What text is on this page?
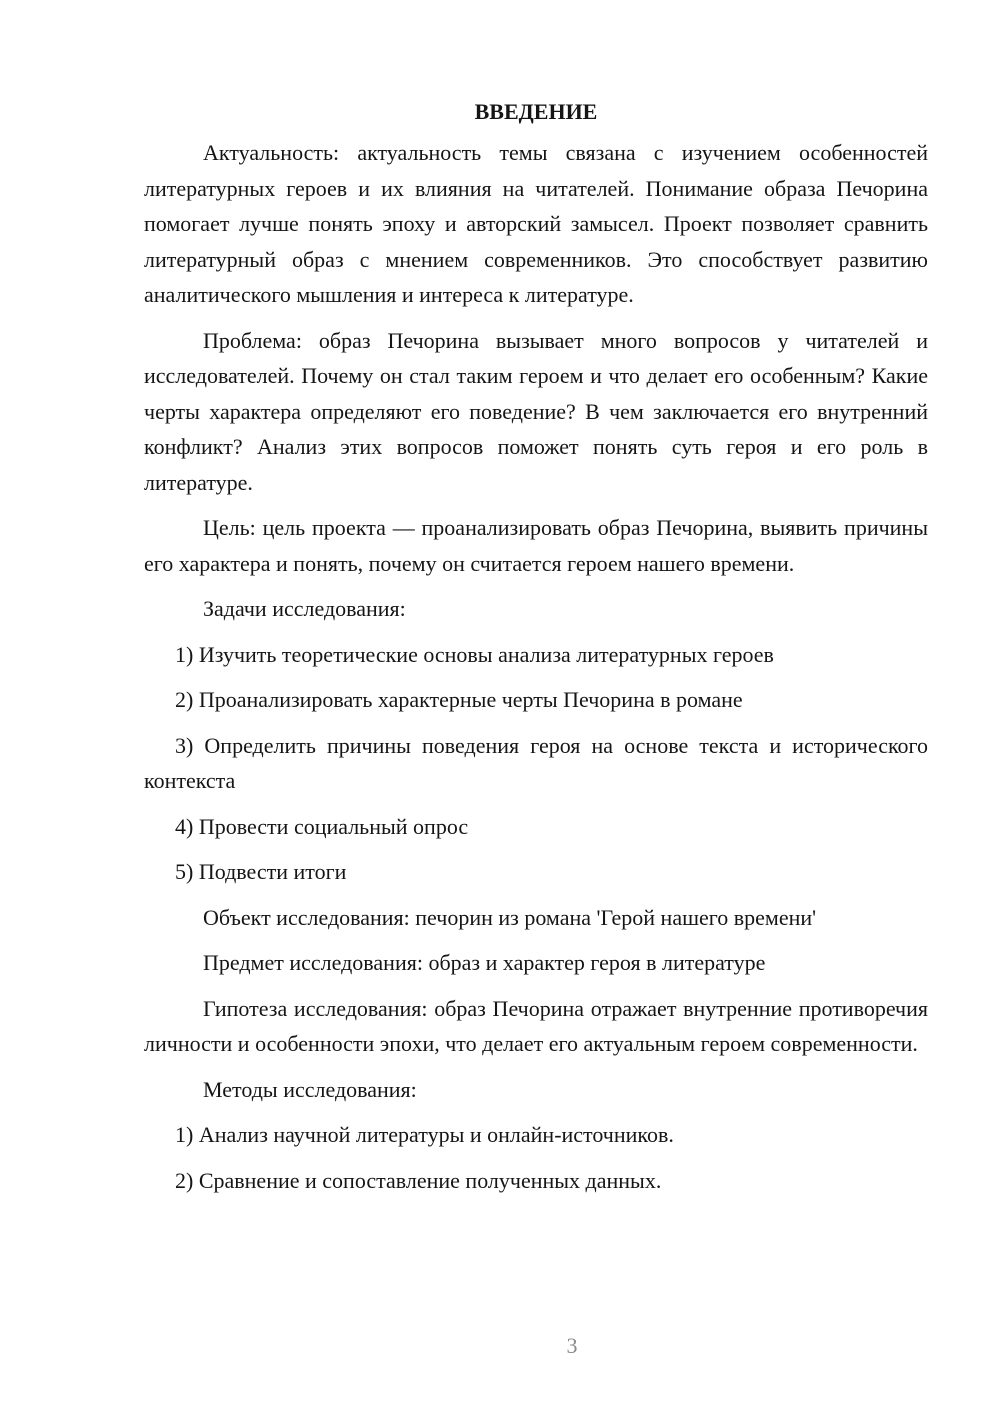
ВВЕДЕНИЕ

Актуальность: актуальность темы связана с изучением особенностей литературных героев и их влияния на читателей. Понимание образа Печорина помогает лучше понять эпоху и авторский замысел. Проект позволяет сравнить литературный образ с мнением современников. Это способствует развитию аналитического мышления и интереса к литературе.

Проблема: образ Печорина вызывает много вопросов у читателей и исследователей. Почему он стал таким героем и что делает его особенным? Какие черты характера определяют его поведение? В чем заключается его внутренний конфликт? Анализ этих вопросов поможет понять суть героя и его роль в литературе.

Цель: цель проекта — проанализировать образ Печорина, выявить причины его характера и понять, почему он считается героем нашего времени.

Задачи исследования:

1) Изучить теоретические основы анализа литературных героев

2) Проанализировать характерные черты Печорина в романе

3) Определить причины поведения героя на основе текста и исторического контекста

4) Провести социальный опрос

5) Подвести итоги

Объект исследования: печорин из романа 'Герой нашего времени'

Предмет исследования: образ и характер героя в литературе

Гипотеза исследования: образ Печорина отражает внутренние противоречия личности и особенности эпохи, что делает его актуальным героем современности.

Методы исследования:

1) Анализ научной литературы и онлайн-источников.

2) Сравнение и сопоставление полученных данных.

3
